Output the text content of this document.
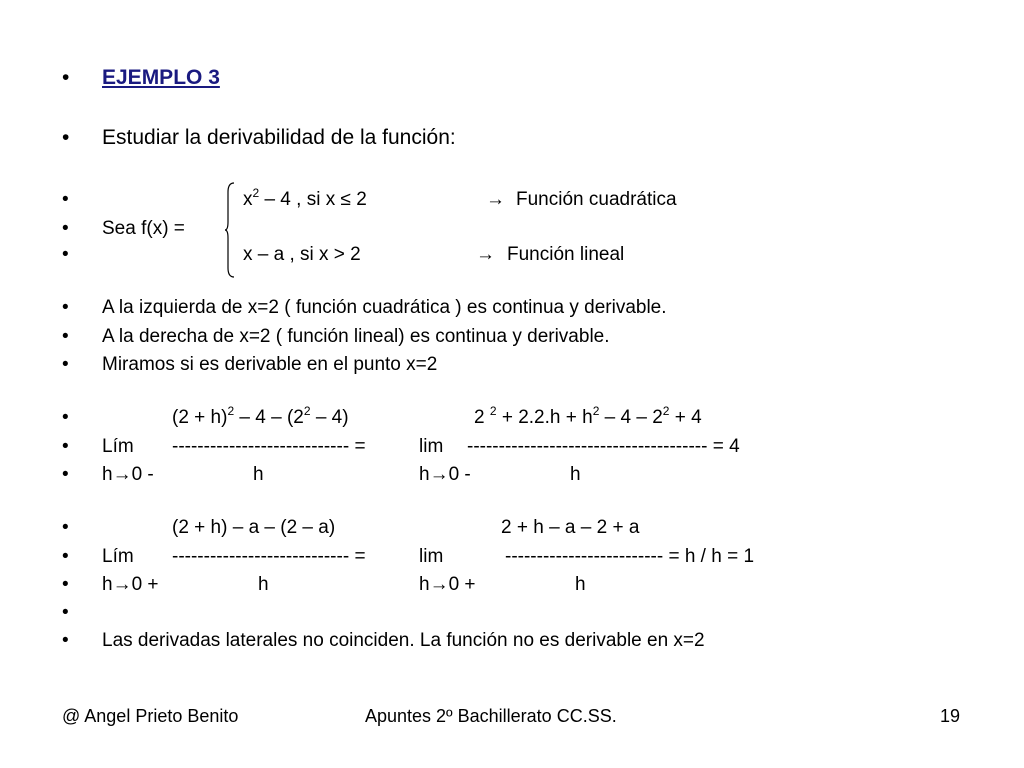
• EJEMPLO 3
• Estudiar la derivabilidad de la función:
•	$x^2 - 4$ , si x ≤ 2	→ Función cuadrática
• Sea f(x) =
•	x – a , si x > 2	→ Función lineal
• A la izquierda de x=2 ( función cuadrática ) es continua y derivable.
• A la derecha de x=2 ( función lineal) es continua y derivable.
• Miramos si es derivable en el punto x=2
•	$(2 + h)^2 - 4 - (2^2 - 4)$	2 $^2 + 2.2.h + h^2 - 4 - 2^2 + 4$
• Lím ---------------------------- =	lim -------------------------------------- = 4
• h→0 -	h	h→0 -	h
•	(2 + h) – a – (2 – a)	2 + h – a – 2 + a
• Lím ---------------------------- =	lim	------------------------- = h / h = 1
• h→0 +	h	h→0 +	h
•
• Las derivadas laterales no coinciden. La función no es derivable en x=2
@ Angel Prieto Benito	Apuntes 2º Bachillerato CC.SS.	19
